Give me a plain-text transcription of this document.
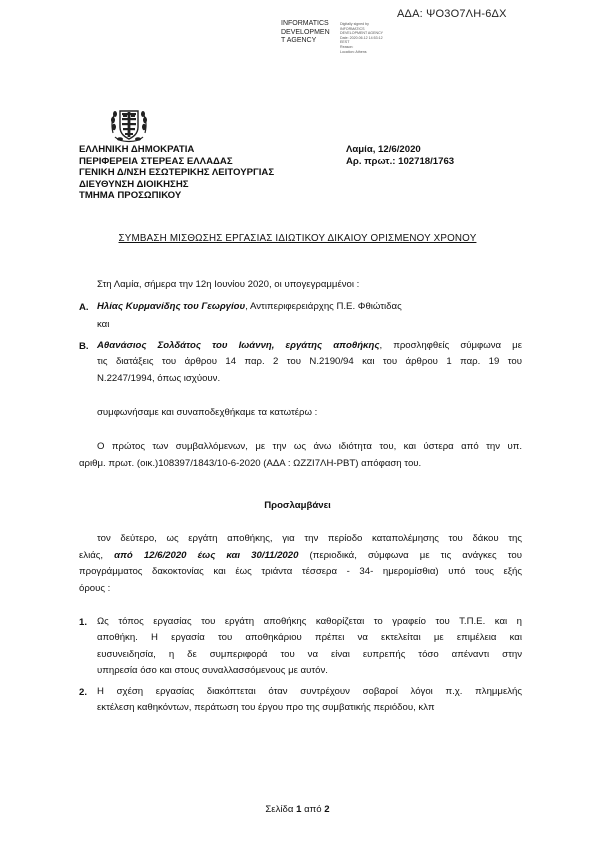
ΑΔΑ: ΨΟ3Ο7ΛΗ-6ΔΧ
INFORMATICS
DEVELOPMEN
T AGENCY
Digitally signed by
INFORMATICS
DEVELOPMENT AGENCY
Date: 2020.06.12 14:53:12
EEST
Reason:
Location: Athens
ΕΛΛΗΝΙΚΗ ΔΗΜΟΚΡΑΤΙΑ
ΠΕΡΙΦΕΡΕΙΑ ΣΤΕΡΕΑΣ ΕΛΛΑΔΑΣ
ΓΕΝΙΚΗ Δ/ΝΣΗ ΕΣΩΤΕΡΙΚΗΣ ΛΕΙΤΟΥΡΓΙΑΣ
ΔΙΕΥΘΥΝΣΗ ΔΙΟΙΚΗΣΗΣ
ΤΜΗΜΑ ΠΡΟΣΩΠΙΚΟΥ
Λαμία, 12/6/2020
Αρ. πρωτ.: 102718/1763
ΣΥΜΒΑΣΗ ΜΙΣΘΩΣΗΣ ΕΡΓΑΣΙΑΣ ΙΔΙΩΤΙΚΟΥ ΔΙΚΑΙΟΥ ΟΡΙΣΜΕΝΟΥ ΧΡΟΝΟΥ
Στη Λαμία, σήμερα την 12η Ιουνίου 2020, οι υπογεγραμμένοι :
Α. Ηλίας Κυρμανίδης του Γεωργίου, Αντιπεριφερειάρχης Π.Ε. Φθιώτιδας
και
Β. Αθανάσιος Σολδάτος του Ιωάννη, εργάτης αποθήκης, προσληφθείς σύμφωνα με
τις διατάξεις του άρθρου 14 παρ. 2 του Ν.2190/94 και του άρθρου 1 παρ. 19 του
Ν.2247/1994, όπως ισχύουν.
συμφωνήσαμε και συναποδεχθήκαμε τα κατωτέρω :
Ο πρώτος των συμβαλλόμενων, με την ως άνω ιδιότητα του, και ύστερα από την υπ.
αριθμ. πρωτ. (οικ.)108397/1843/10-6-2020 (ΑΔΑ : ΩΖΖΙ7ΛΗ-ΡΒΤ) απόφαση του.
Προσλαμβάνει
τον δεύτερο, ως εργάτη αποθήκης, για την περίοδο καταπολέμησης του δάκου της
ελιάς, από 12/6/2020 έως και 30/11/2020 (περιοδικά, σύμφωνα με τις ανάγκες του
προγράμματος δακοκτονίας και έως τριάντα τέσσερα - 34- ημερομίσθια) υπό τους εξής
όρους :
1. Ως τόπος εργασίας του εργάτη αποθήκης καθορίζεται το γραφείο του Τ.Π.Ε. και η
αποθήκη. Η εργασία του αποθηκάριου πρέπει να εκτελείται με επιμέλεια και
ευσυνειδησία, η δε συμπεριφορά του να είναι ευπρεπής τόσο απέναντι στην
υπηρεσία όσο και στους συναλλασσόμενους με αυτόν.
2. Η σχέση εργασίας διακόπτεται όταν συντρέχουν σοβαροί λόγοι π.χ. πλημμελής
εκτέλεση καθηκόντων, περάτωση του έργου προ της συμβατικής περιόδου, κλπ
Σελίδα 1 από 2
